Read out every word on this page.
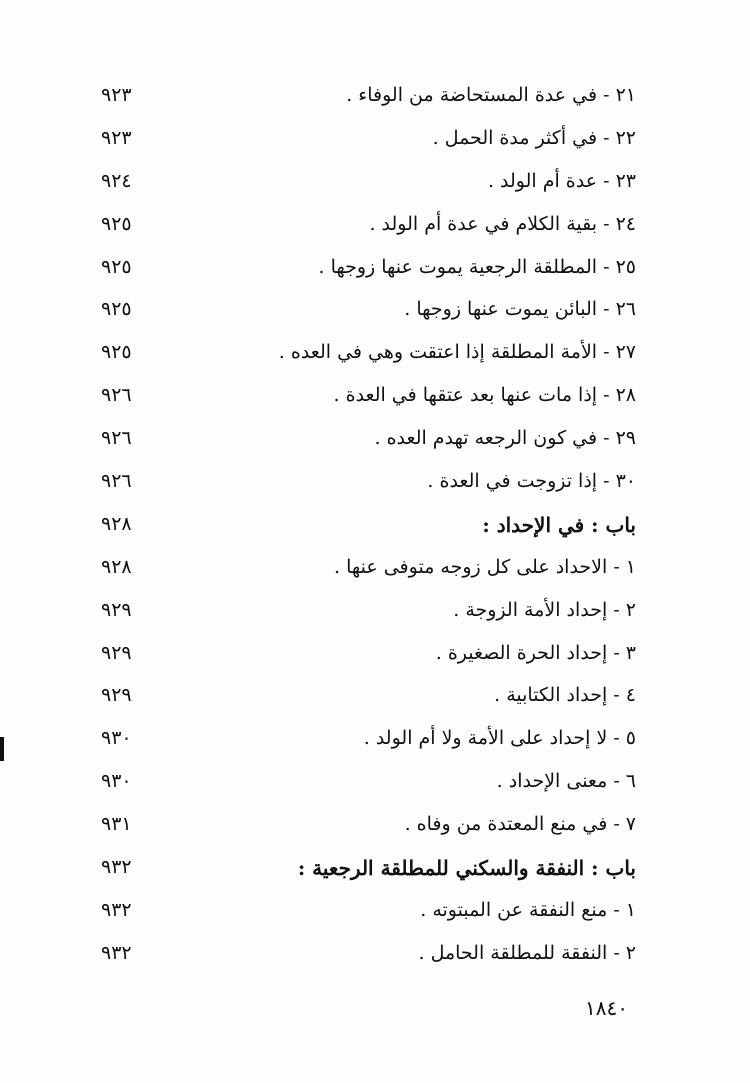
٢١ - في عدة المستحاضة من الوفاء .
٩٢٣
٢٢ - في أكثر مدة الحمل .
٩٢٣
٢٣ - عدة أم الولد .
٩٢٤
٢٤ - بقية الكلام في عدة أم الولد .
٩٢٥
٢٥ - المطلقة الرجعية يموت عنها زوجها .
٩٢٥
٢٦ - البائن يموت عنها زوجها .
٩٢٥
٢٧ - الأمة المطلقة إذا اعتقت وهي في العده .
٩٢٥
٢٨ - إذا مات عنها بعد عتقها في العدة .
٩٢٦
٢٩ - في كون الرجعه تهدم العده .
٩٢٦
٣٠ - إذا تزوجت في العدة .
٩٢٦
باب : في الإحداد :
٩٢٨
١ - الاحداد على كل زوجه متوفى عنها .
٩٢٨
٢ - إحداد الأمة الزوجة .
٩٢٩
٣ - إحداد الحرة الصغيرة .
٩٢٩
٤ - إحداد الكتابية .
٩٢٩
٥ - لا إحداد على الأمة ولا أم الولد .
٩٣٠
٦ - معنى الإحداد .
٩٣٠
٧ - في منع المعتدة من وفاه .
٩٣١
باب : النفقة والسكني للمطلقة الرجعية :
٩٣٢
١ - منع النفقة عن المبتوته .
٩٣٢
٢ - النفقة للمطلقة الحامل .
٩٣٢
١٨٤٠
